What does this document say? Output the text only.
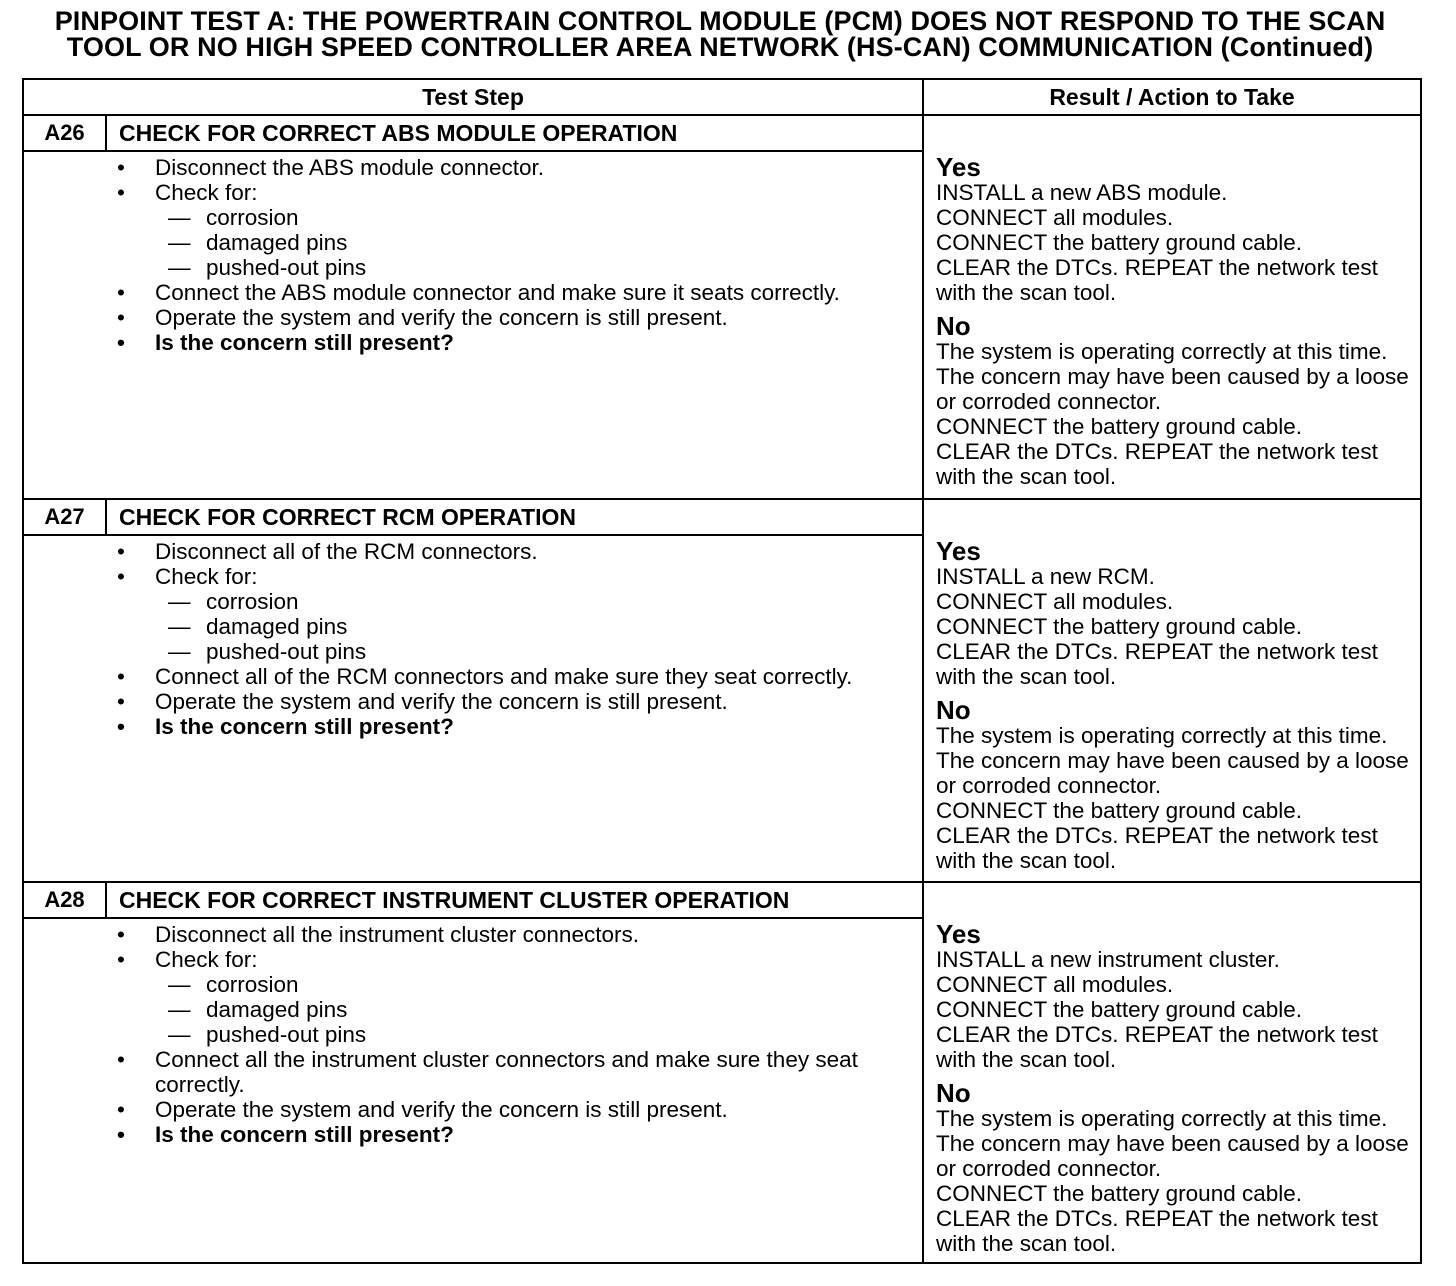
PINPOINT TEST A: THE POWERTRAIN CONTROL MODULE (PCM) DOES NOT RESPOND TO THE SCAN
TOOL OR NO HIGH SPEED CONTROLLER AREA NETWORK (HS-CAN) COMMUNICATION (Continued)
Test Step	Result / Action to Take
A26	CHECK FOR CORRECT ABS MODULE OPERATION
• Disconnect the ABS module connector.
• Check for:
— corrosion
— damaged pins
— pushed-out pins
• Connect the ABS module connector and make sure it seats correctly.
• Operate the system and verify the concern is still present.
• Is the concern still present?
Yes
INSTALL a new ABS module.
CONNECT all modules.
CONNECT the battery ground cable.
CLEAR the DTCs. REPEAT the network test with the scan tool.
No
The system is operating correctly at this time. The concern may have been caused by a loose or corroded connector.
CONNECT the battery ground cable.
CLEAR the DTCs. REPEAT the network test with the scan tool.
A27	CHECK FOR CORRECT RCM OPERATION
• Disconnect all of the RCM connectors.
• Check for:
— corrosion
— damaged pins
— pushed-out pins
• Connect all of the RCM connectors and make sure they seat correctly.
• Operate the system and verify the concern is still present.
• Is the concern still present?
Yes
INSTALL a new RCM.
CONNECT all modules.
CONNECT the battery ground cable.
CLEAR the DTCs. REPEAT the network test with the scan tool.
No
The system is operating correctly at this time. The concern may have been caused by a loose or corroded connector.
CONNECT the battery ground cable.
CLEAR the DTCs. REPEAT the network test with the scan tool.
A28	CHECK FOR CORRECT INSTRUMENT CLUSTER OPERATION
• Disconnect all the instrument cluster connectors.
• Check for:
— corrosion
— damaged pins
— pushed-out pins
• Connect all the instrument cluster connectors and make sure they seat correctly.
• Operate the system and verify the concern is still present.
• Is the concern still present?
Yes
INSTALL a new instrument cluster.
CONNECT all modules.
CONNECT the battery ground cable.
CLEAR the DTCs. REPEAT the network test with the scan tool.
No
The system is operating correctly at this time. The concern may have been caused by a loose or corroded connector.
CONNECT the battery ground cable.
CLEAR the DTCs. REPEAT the network test with the scan tool.
